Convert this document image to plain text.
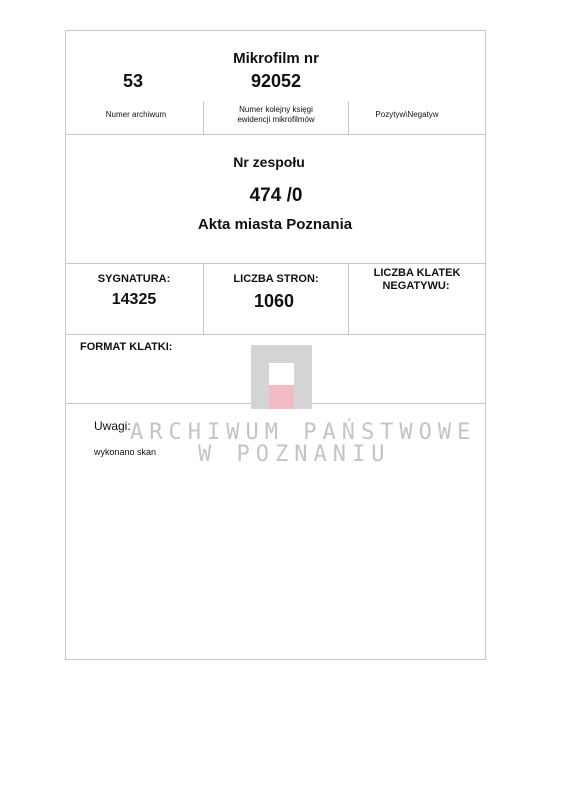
Mikrofilm nr
53	92052
Numer archiwum
Numer kolejny księgi
ewidencji mikrofilmów
Pozytyw\Negatyw
Nr zespołu
474 /0
Akta miasta Poznania
SYGNATURA:
14325
LICZBA STRON:
1060
LICZBA KLATEK
NEGATYWU:
FORMAT KLATKI:
Uwagi:
wykonano skan
ARCHIWUM PAŃSTWOWE
W POZNANIU
